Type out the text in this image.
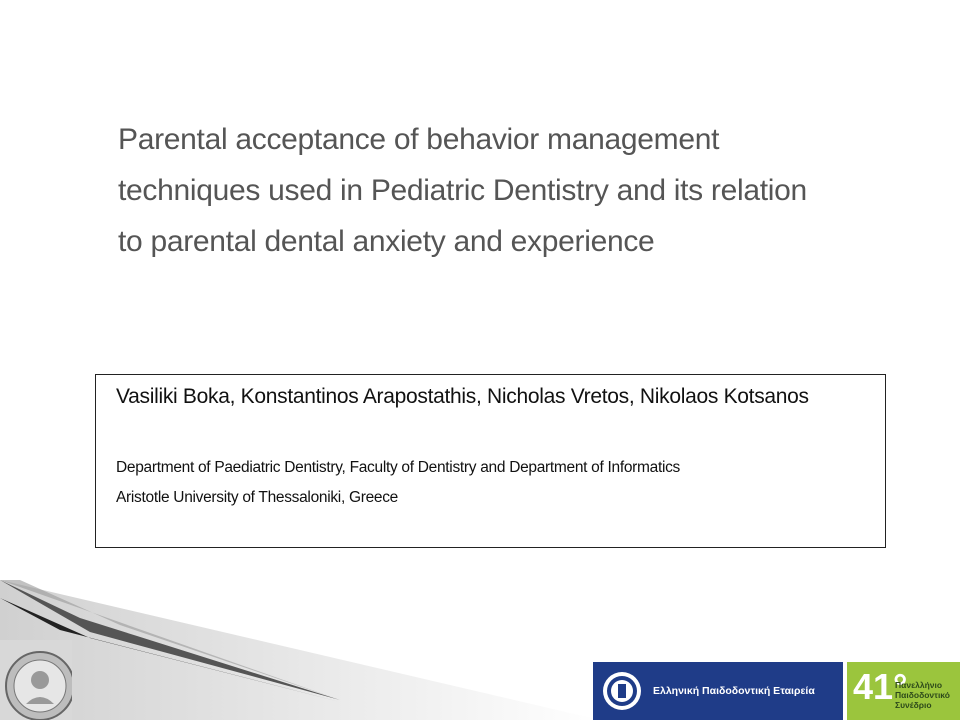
Parental acceptance of behavior management
techniques used in Pediatric Dentistry and its relation
to parental dental anxiety and experience
Vasiliki Boka, Konstantinos Arapostathis, Nicholas Vretos, Nikolaos Kotsanos
Department of Paediatric Dentistry, Faculty of Dentistry and Department of Informatics
Aristotle University of Thessaloniki, Greece
Ελληνική Παιδοδοντική Εταιρεία 41°
Πανελλήνιο
Παιδοδοντικό
Συνέδριο
